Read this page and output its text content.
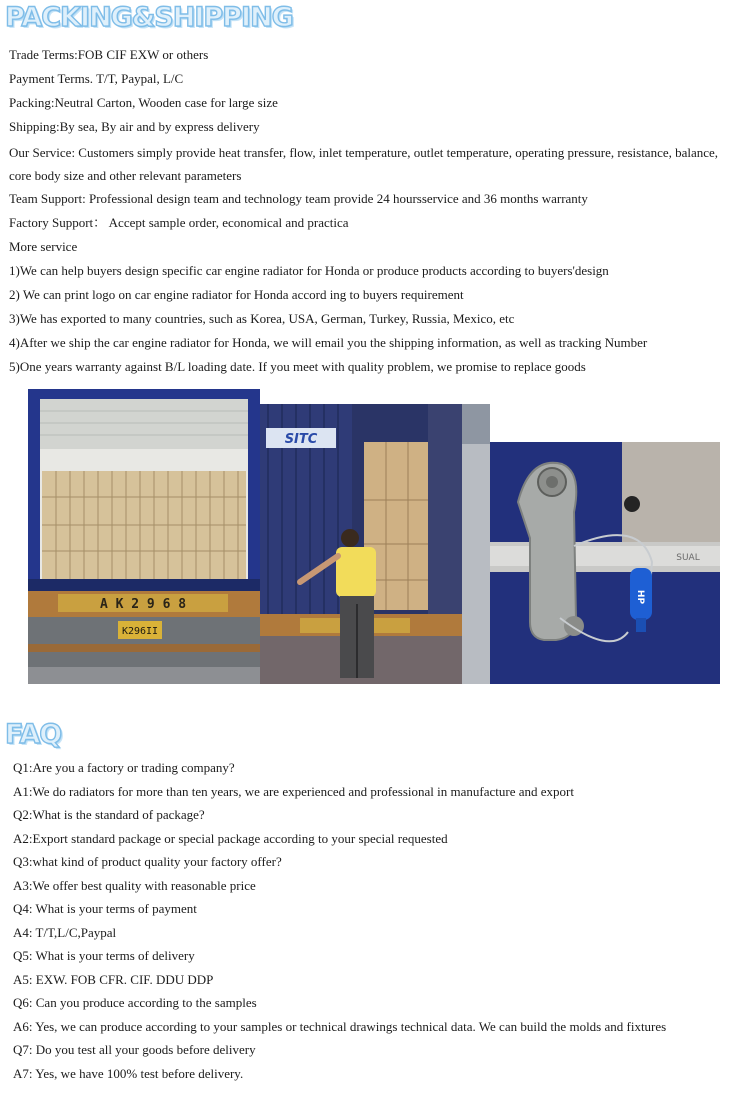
PACKING&SHIPPING

Trade Terms:FOB CIF EXW or others

Payment Terms. T/T, Paypal, L/C

Packing:Neutral Carton, Wooden case for large size

Shipping:By sea, By air and by express delivery

Our Service: Customers simply provide heat transfer, flow, inlet temperature, outlet temperature, operating pressure, resistance, balance, core body size and other relevant parameters

Team Support: Professional design team and technology team provide 24 hoursservice and 36 months warranty

Factory Support： Accept sample order, economical and practica

More service

1)We can help buyers design specific car engine radiator for Honda or produce products according to buyers'design

2) We can print logo on car engine radiator for Honda accord ing to buyers requirement

3)We has exported to many countries, such as Korea, USA, German, Turkey, Russia, Mexico, etc

4)After we ship the car engine radiator for Honda, we will email you the shipping information, as well as tracking Number

5)One years warranty against B/L loading date. If you meet with quality problem, we promise to replace goods

A K 2 9 6 8
K296II
SITC
SUAL
HP
FAQ

Q1:Are you a factory or trading company?

A1:We do radiators for more than ten years, we are experienced and professional in manufacture and export

Q2:What is the standard of package?

A2:Export standard package or special package according to your special requested

Q3:what kind of product quality your factory offer?

A3:We offer best quality with reasonable price

Q4: What is your terms of payment

A4: T/T,L/C,Paypal

Q5: What is your terms of delivery

A5: EXW. FOB CFR. CIF. DDU DDP

Q6: Can you produce according to the samples

A6: Yes, we can produce according to your samples or technical drawings technical data. We can build the molds and fixtures

Q7: Do you test all your goods before delivery

A7: Yes, we have 100% test before delivery.
